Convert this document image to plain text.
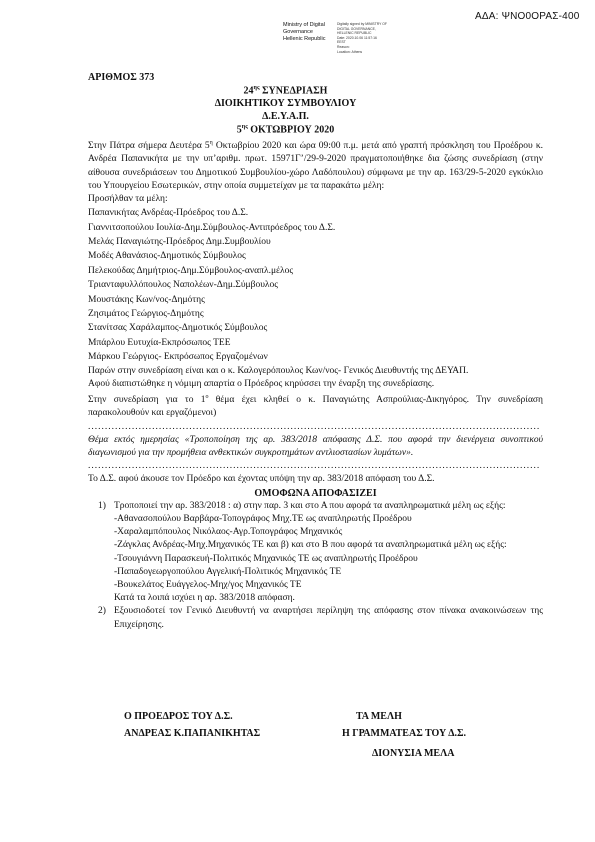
ΑΔΑ: ΨΝΟ0ΟΡΑΣ-400
Ministry of Digital
Governance
Hellenic Republic
Digitally signed by MINISTRY OF
DIGITAL GOVERNANCE,
HELLENIC REPUBLIC
Date: 2020.10.06 11:57:16
EEST
Reason:
Location: Athens
ΑΡΙΘΜΟΣ 373
$24^{\eta\varsigma}$ ΣΥΝΕΔΡΙΑΣΗ
ΔΙΟΙΚΗΤΙΚΟΥ ΣΥΜΒΟΥΛΙΟΥ
Δ.Ε.Υ.Α.Π.
$5^{\eta\varsigma}$ ΟΚΤΩΒΡΙΟΥ 2020
Στην Πάτρα σήμερα Δευτέρα $5^\eta$ Οκτωβρίου 2020 και ώρα 09:00 π.μ. μετά από γραπτή πρόσκληση του Προέδρου κ. Ανδρέα Παπανικήτα με την υπ’αριθμ. πρωτ. 15971Γ’/29-9-2020 πραγματοποιήθηκε δια ζώσης συνεδρίαση (στην αίθουσα συνεδριάσεων του Δημοτικού Συμβουλίου-χώρο Λαδόπουλου) σύμφωνα με την αρ. 163/29-5-2020 εγκύκλιο του Υπουργείου Εσωτερικών, στην οποία συμμετείχαν με τα παρακάτω μέλη:
Προσήλθαν τα μέλη:
Παπανικήτας Ανδρέας-Πρόεδρος του Δ.Σ.
Γιαννιτσοπούλου Ιουλία-Δημ.Σύμβουλος-Αντιπρόεδρος του Δ.Σ.
Μελάς Παναγιώτης-Πρόεδρος Δημ.Συμβουλίου
Μοδές Αθανάσιος-Δημοτικός Σύμβουλος
Πελεκούδας Δημήτριος-Δημ.Σύμβουλος-αναπλ.μέλος
Τριανταφυλλόπουλος Ναπολέων-Δημ.Σύμβουλος
Μουστάκης Κων/νος-Δημότης
Ζησιμάτος Γεώργιος-Δημότης
Στανίτσας Χαράλαμπος-Δημοτικός Σύμβουλος
Μπάρλου Ευτυχία-Εκπρόσωπος ΤΕΕ
Μάρκου Γεώργιος- Εκπρόσωπος Εργαζομένων
Παρών στην συνεδρίαση είναι και ο κ. Καλογερόπουλος Κων/νος- Γενικός Διευθυντής της ΔΕΥΑΠ.
Αφού διαπιστώθηκε η νόμιμη απαρτία ο Πρόεδρος κηρύσσει την έναρξη της συνεδρίασης.
Στην συνεδρίαση για το $1^o$ θέμα έχει κληθεί ο κ. Παναγιώτης Ασπρούλιας-Δικηγόρος. Την συνεδρίαση παρακολουθούν και εργαζόμενοι)
......................................................................................................................................
Θέμα εκτός ημερησίας «Τροποποίηση της αρ. 383/2018 απόφασης Δ.Σ. που αφορά την διενέργεια συνοπτικού διαγωνισμού για την προμήθεια ανθεκτικών συγκροτημάτων αντλιοστασίων λυμάτων».
......................................................................................................................................
Το Δ.Σ. αφού άκουσε τον Πρόεδρο και έχοντας υπόψη την αρ. 383/2018 απόφαση του Δ.Σ.
ΟΜΟΦΩΝΑ ΑΠΟΦΑΣΙΖΕΙ
1) Τροποποιεί την αρ. 383/2018 : α) στην παρ. 3 και στο Α που αφορά τα αναπληρωματικά μέλη ως εξής:
-Αθανασοπούλου Βαρβάρα-Τοπογράφος Μηχ.ΤΕ ως αναπληρωτής Προέδρου
-Χαραλαμπόπουλος Νικόλαος-Αγρ.Τοπογράφος Μηχανικός
-Ζάγκλας Ανδρέας-Μηχ.Μηχανικός ΤΕ και β) και στο Β που αφορά τα αναπληρωματικά μέλη ως εξής:
-Τσουγιάννη Παρασκευή-Πολιτικός Μηχανικός ΤΕ ως αναπληρωτής Προέδρου
-Παπαδογεωργοπούλου Αγγελική-Πολιτικός Μηχανικός ΤΕ
-Βουκελάτος Ευάγγελος-Μηχ/γος Μηχανικός ΤΕ
Κατά τα λοιπά ισχύει η αρ. 383/2018 απόφαση.
2) Εξουσιοδοτεί τον Γενικό Διευθυντή να αναρτήσει περίληψη της απόφασης στον πίνακα ανακοινώσεων της Επιχείρησης.
Ο ΠΡΟΕΔΡΟΣ ΤΟΥ Δ.Σ.	ΤΑ ΜΕΛΗ
ΑΝΔΡΕΑΣ Κ.ΠΑΠΑΝΙΚΗΤΑΣ	Η ΓΡΑΜΜΑΤΕΑΣ ΤΟΥ Δ.Σ.
ΔΙΟΝΥΣΙΑ ΜΕΛΑ
